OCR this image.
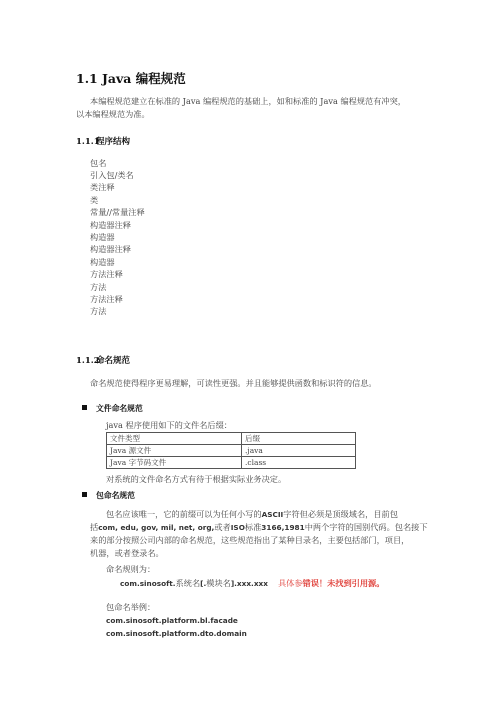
1.1 Java 编程规范
本编程规范建立在标准的 Java 编程规范的基础上，如和标准的 Java 编程规范有冲突，
以本编程规范为准。
1.1.1程序结构
包名
引入包/类名
类注释
类
常量//常量注释
构造器注释
构造器
构造器注释
构造器
方法注释
方法
方法注释
方法
1.1.2命名规范
命名规范使得程序更易理解，可读性更强。并且能够提供函数和标识符的信息。
文件命名规范
java 程序使用如下的文件名后缀：
文件类型	后缀
Java 源文件	.java
Java 字节码文件	.class
对系统的文件命名方式有待于根据实际业务决定。
包命名规范
包名应该唯一，它的前缀可以为任何小写的ASCII字符但必须是顶级域名，目前包
括com, edu, gov, mil, net, org,或者ISO标准3166,1981中两个字符的国别代码。包名接下
来的部分按照公司内部的命名规范，这些规范指出了某种目录名，主要包括部门，项目，
机器，或者登录名。
命名规则为：
com.sinosoft.系统名[.模块名].xxx.xxx 具体参错误！未找到引用源。
包命名举例：
com.sinosoft.platform.bl.facade
com.sinosoft.platform.dto.domain
